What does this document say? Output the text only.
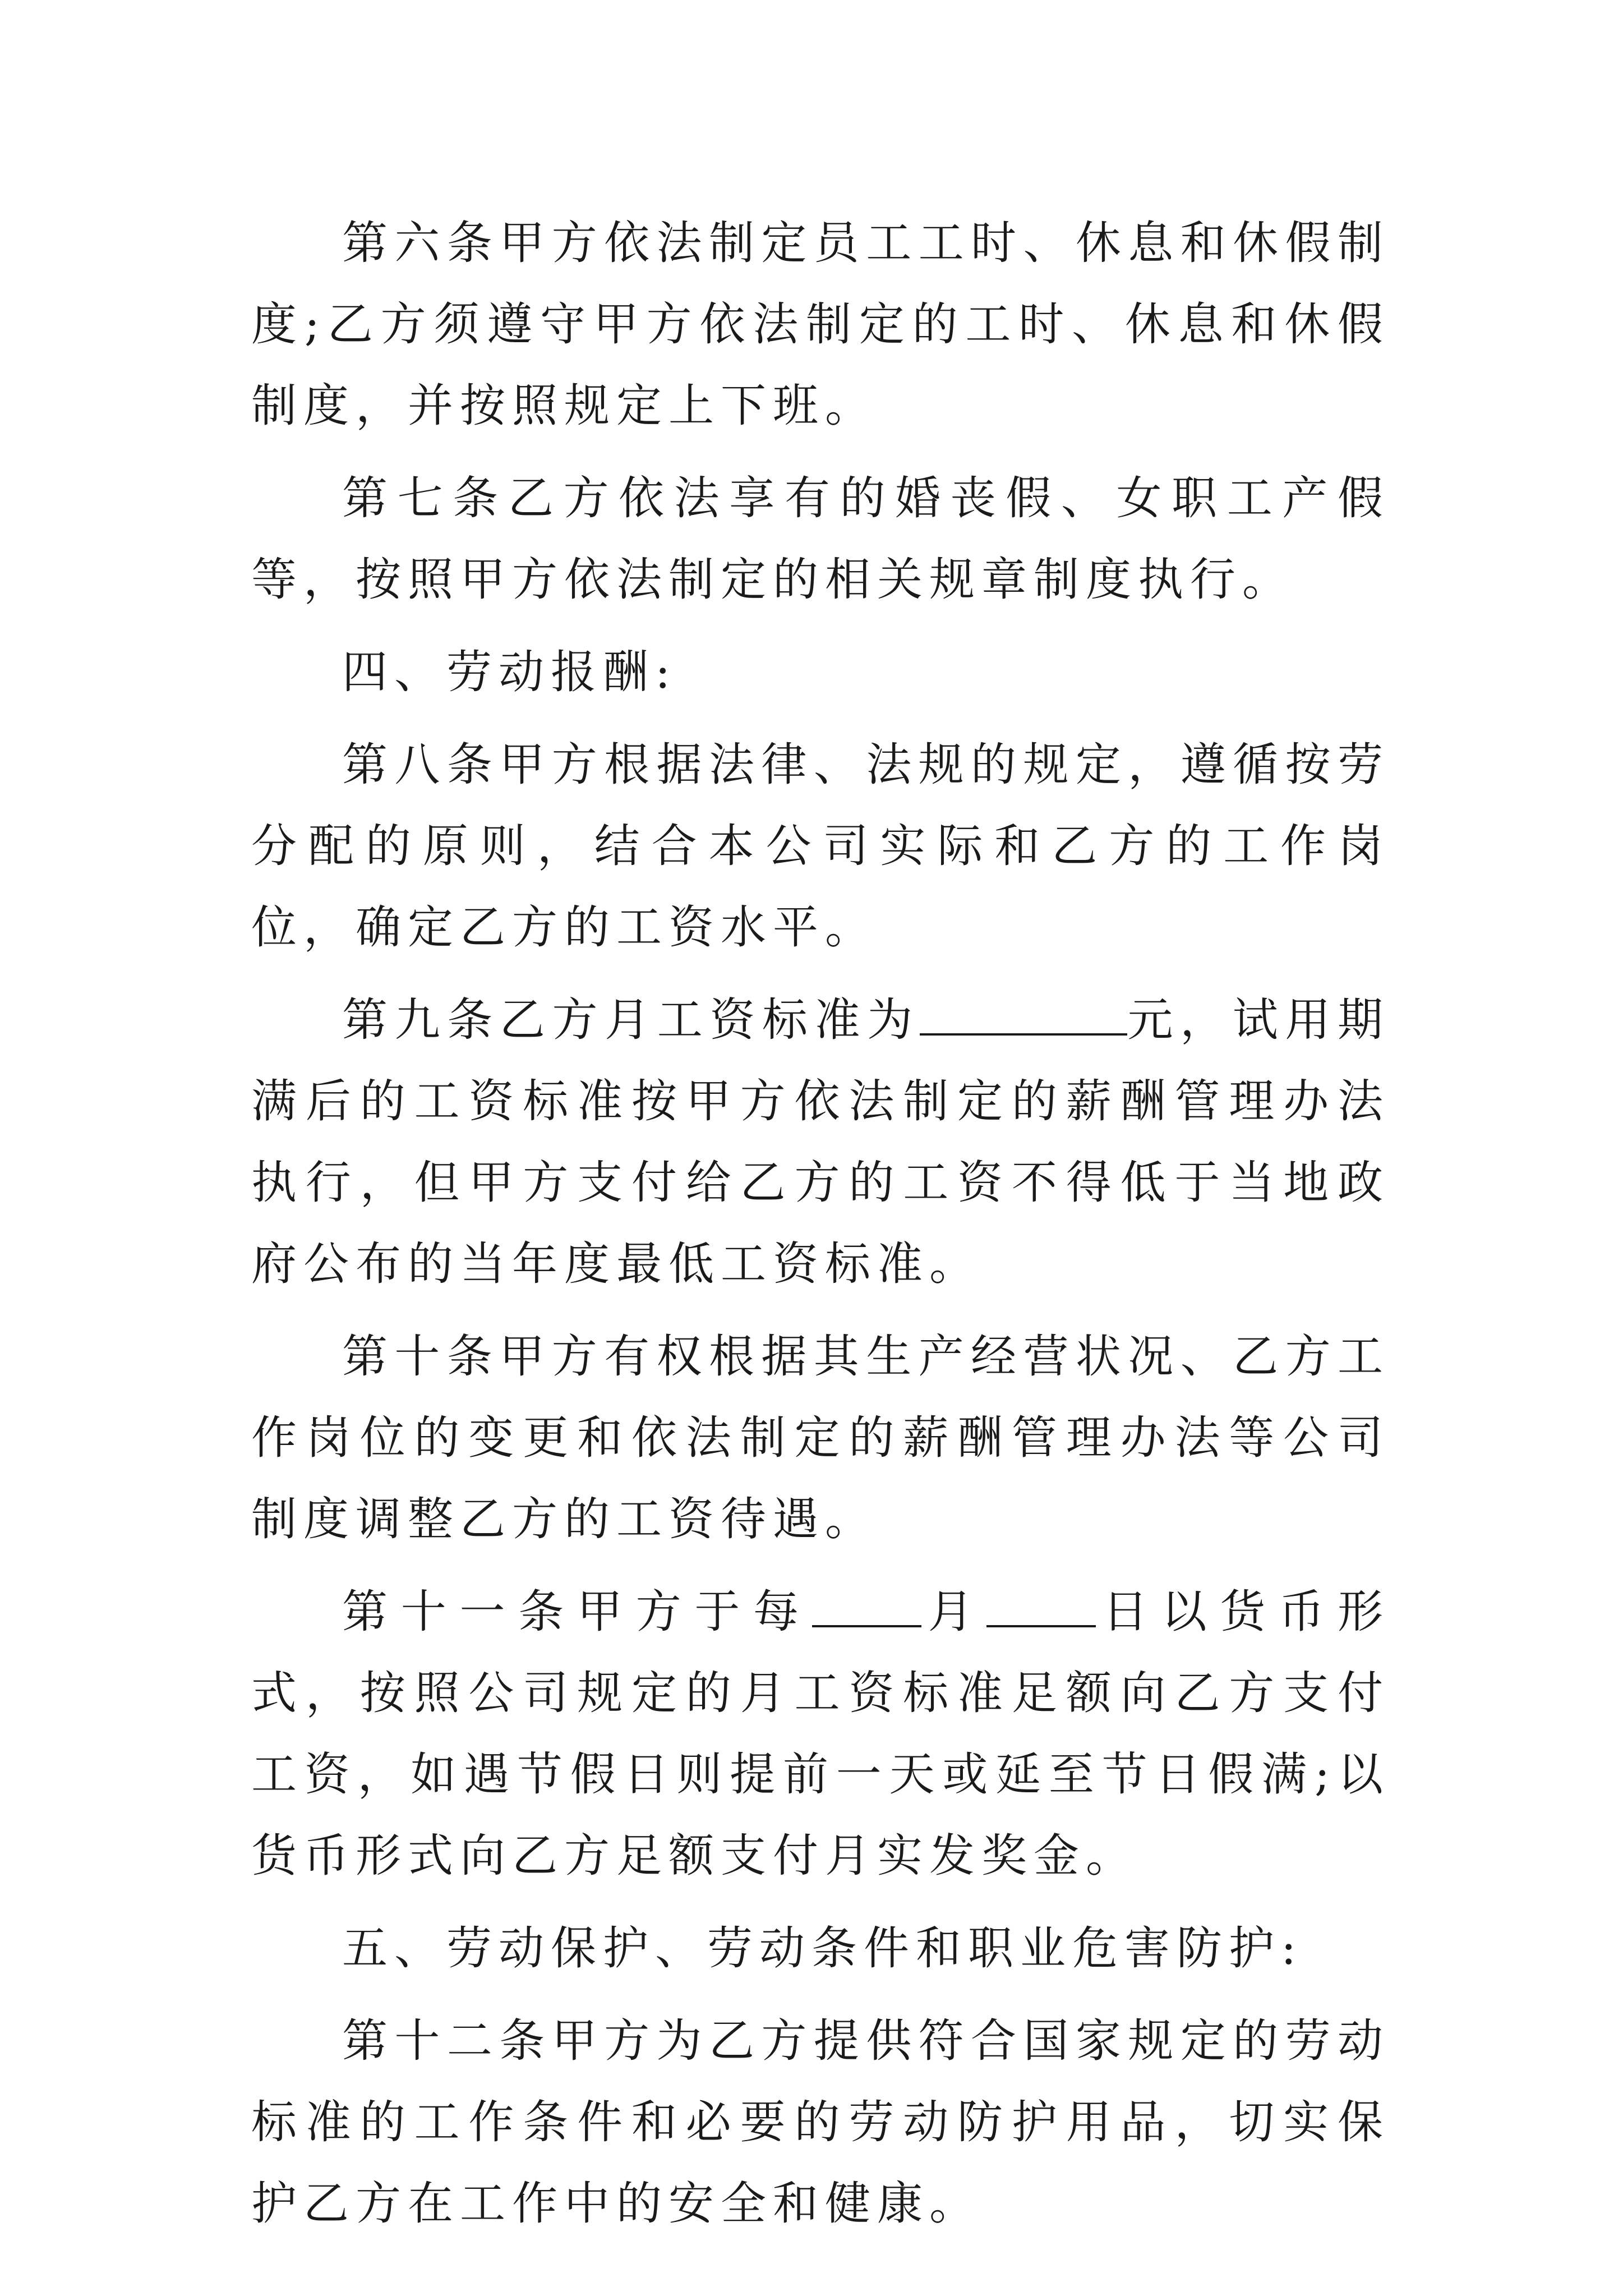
第六条甲方依法制定员工工时、休息和休假制度;乙方须遵守甲方依法制定的工时、休息和休假制度，并按照规定上下班。

第七条乙方依法享有的婚丧假、女职工产假等，按照甲方依法制定的相关规章制度执行。

四、劳动报酬:

第八条甲方根据法律、法规的规定，遵循按劳分配的原则，结合本公司实际和乙方的工作岗位，确定乙方的工资水平。

第九条乙方月工资标准为	元，试用期满后的工资标准按甲方依法制定的薪酬管理办法执行，但甲方支付给乙方的工资不得低于当地政府公布的当年度最低工资标准。

第十条甲方有权根据其生产经营状况、乙方工作岗位的变更和依法制定的薪酬管理办法等公司制度调整乙方的工资待遇。

第十一条甲方于每 月 日以货币形式，按照公司规定的月工资标准足额向乙方支付工资，如遇节假日则提前一天或延至节日假满;以货币形式向乙方足额支付月实发奖金。

五、劳动保护、劳动条件和职业危害防护:

第十二条甲方为乙方提供符合国家规定的劳动标准的工作条件和必要的劳动防护用品，切实保护乙方在工作中的安全和健康。
